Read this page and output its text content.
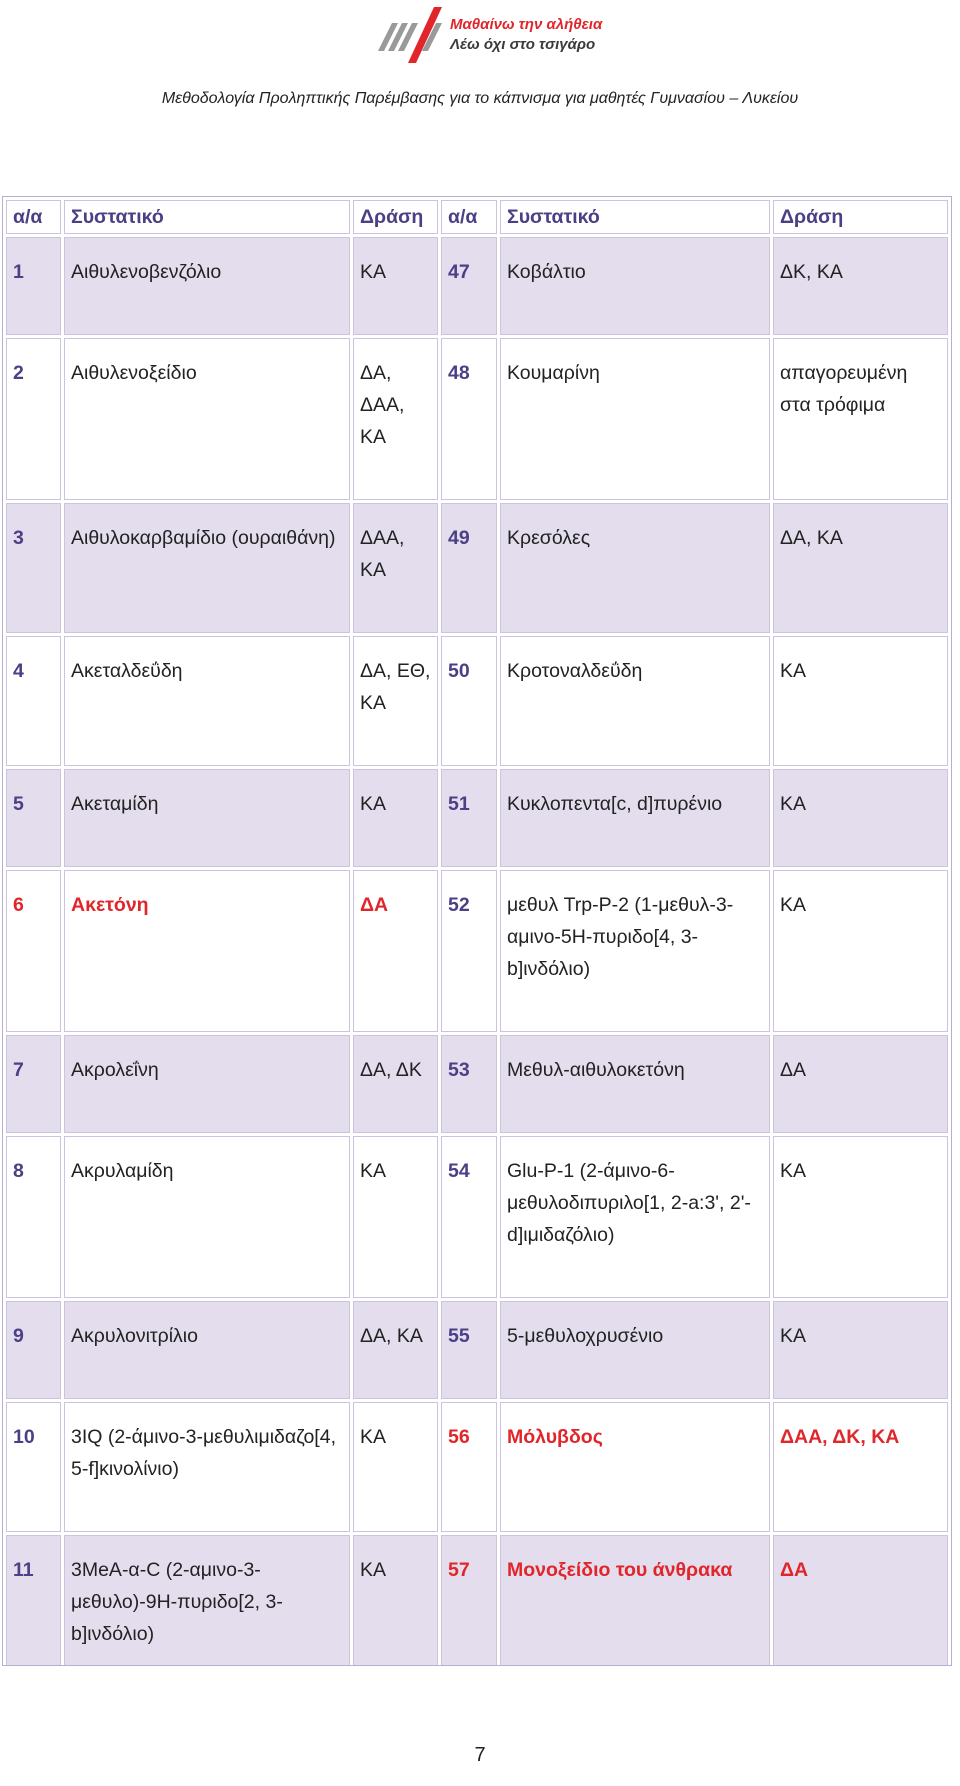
Μαθαίνω την αλήθεια
Λέω όχι στο τσιγάρο
Μεθοδολογία Προληπτικής Παρέμβασης για το κάπνισμα για μαθητές Γυμνασίου – Λυκείου
α/α	Συστατικό	Δράση	α/α	Συστατικό	Δράση
1	Αιθυλενοβενζόλιο	ΚΑ	47	Κοβάλτιο	ΔΚ, ΚΑ
2	Αιθυλενοξείδιο	ΔΑ, ΔΑΑ, ΚΑ	48	Κουμαρίνη	απαγορευμένη στα τρόφιμα
3	Αιθυλοκαρβαμίδιο (ουραιθάνη)	ΔΑΑ, ΚΑ	49	Κρεσόλες	ΔΑ, ΚΑ
4	Ακεταλδεΰδη	ΔΑ, ΕΘ, ΚΑ	50	Κροτοναλδεΰδη	ΚΑ
5	Ακεταμίδη	ΚΑ	51	Κυκλοπεντα[c, d]πυρένιο	ΚΑ
6	Ακετόνη	ΔΑ	52	μεθυλ Trp-P-2 (1-μεθυλ-3-αμινο-5H-πυριδο[4, 3-b]ινδόλιο)	ΚΑ
7	Ακρολεΐνη	ΔΑ, ΔΚ	53	Μεθυλ-αιθυλοκετόνη	ΔΑ
8	Ακρυλαμίδη	ΚΑ	54	Glu-P-1 (2-άμινο-6-μεθυλοδιπυριλο[1, 2-a:3', 2'-d]ιμιδαζόλιο)	ΚΑ
9	Ακρυλονιτρίλιο	ΔΑ, ΚΑ	55	5-μεθυλοχρυσένιο	ΚΑ
10	3IQ (2-άμινο-3-μεθυλιμιδαζο[4, 5-f]κινολίνιο)	ΚΑ	56	Μόλυβδος	ΔΑΑ, ΔΚ, ΚΑ
11	3MeA-α-C (2-αμινο-3-μεθυλο)-9H-πυριδο[2, 3-b]ινδόλιο)	ΚΑ	57	Μονοξείδιο του άνθρακα	ΔΑ
7
